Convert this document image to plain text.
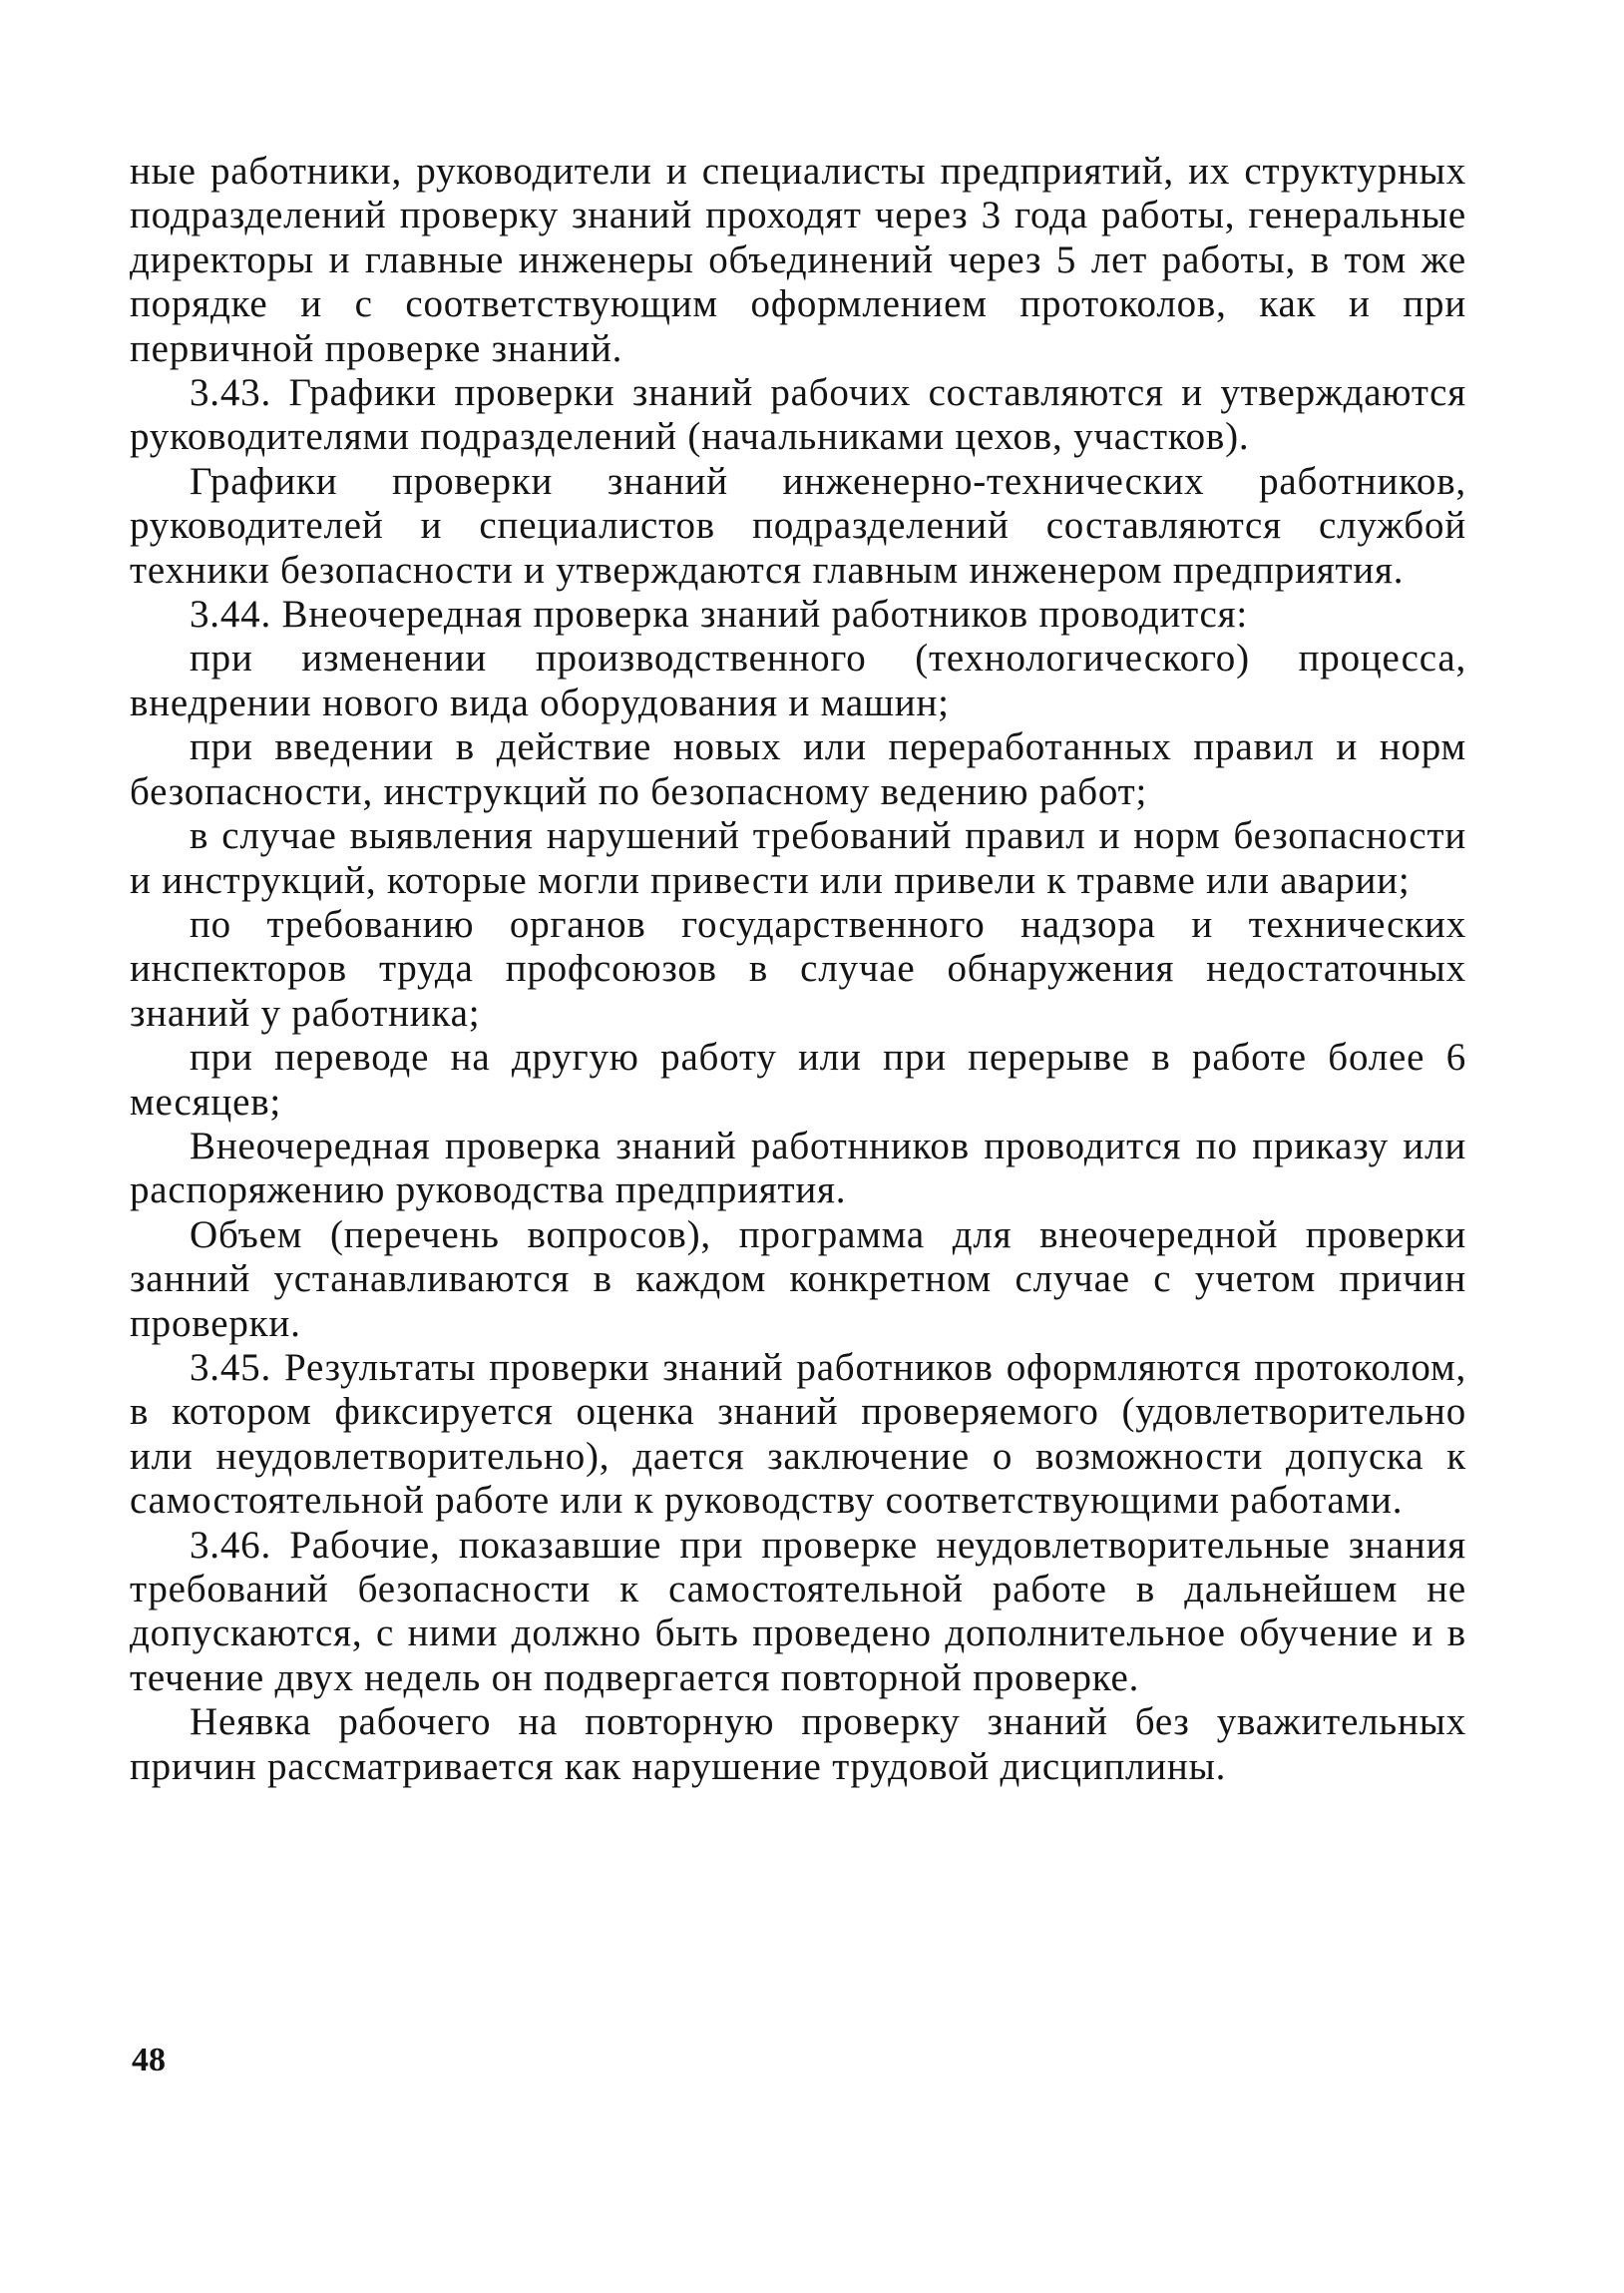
ные работники, руководители и специалисты предприятий, их структурных подразделений проверку знаний проходят через 3 года работы, генеральные директоры и главные инженеры объединений через 5 лет работы, в том же порядке и с соответствующим оформлением протоколов, как и при первичной проверке знаний.

3.43. Графики проверки знаний рабочих составляются и утверждаются руководителями подразделений (начальниками цехов, участков).

Графики проверки знаний инженерно-технических работников, руководителей и специалистов подразделений составляются службой техники безопасности и утверждаются главным инженером предприятия.

3.44. Внеочередная проверка знаний работников проводится:

при изменении производственного (технологического) процесса, внедрении нового вида оборудования и машин;

при введении в действие новых или переработанных правил и норм безопасности, инструкций по безопасному ведению работ;

в случае выявления нарушений требований правил и норм безопасности и инструкций, которые могли привести или привели к травме или аварии;

по требованию органов государственного надзора и технических инспекторов труда профсоюзов в случае обнаружения недостаточных знаний у работника;

при переводе на другую работу или при перерыве в работе более 6 месяцев;

Внеочередная проверка знаний работнников проводится по приказу или распоряжению руководства предприятия.

Объем (перечень вопросов), программа для внеочередной проверки занний устанавливаются в каждом конкретном случае с учетом причин проверки.

3.45. Результаты проверки знаний работников оформляются протоколом, в котором фиксируется оценка знаний проверяемого (удовлетворительно или неудовлетворительно), дается заключение о возможности допуска к самостоятельной работе или к руководству соответствующими работами.

3.46. Рабочие, показавшие при проверке неудовлетворительные знания требований безопасности к самостоятельной работе в дальнейшем не допускаются, с ними должно быть проведено дополнительное обучение и в течение двух недель он подвергается повторной проверке.

Неявка рабочего на повторную проверку знаний без уважительных причин рассматривается как нарушение трудовой дисциплины.

48
